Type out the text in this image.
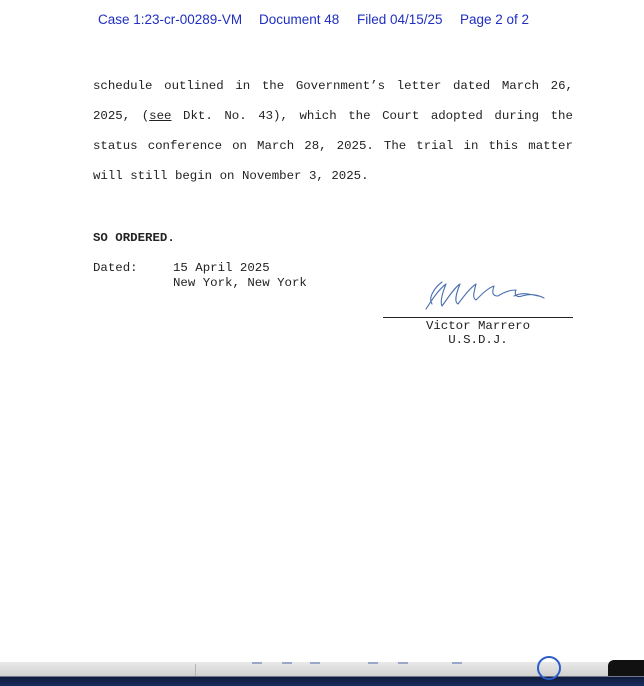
Case 1:23-cr-00289-VM Document 48 Filed 04/15/25 Page 2 of 2
schedule outlined in the Government’s letter dated March 26,
2025, (see Dkt. No. 43), which the Court adopted during the
status conference on March 28, 2025. The trial in this matter
will still begin on November 3, 2025.
SO ORDERED.
Dated:	15 April 2025
New York, New York
Victor Marrero
U.S.D.J.
